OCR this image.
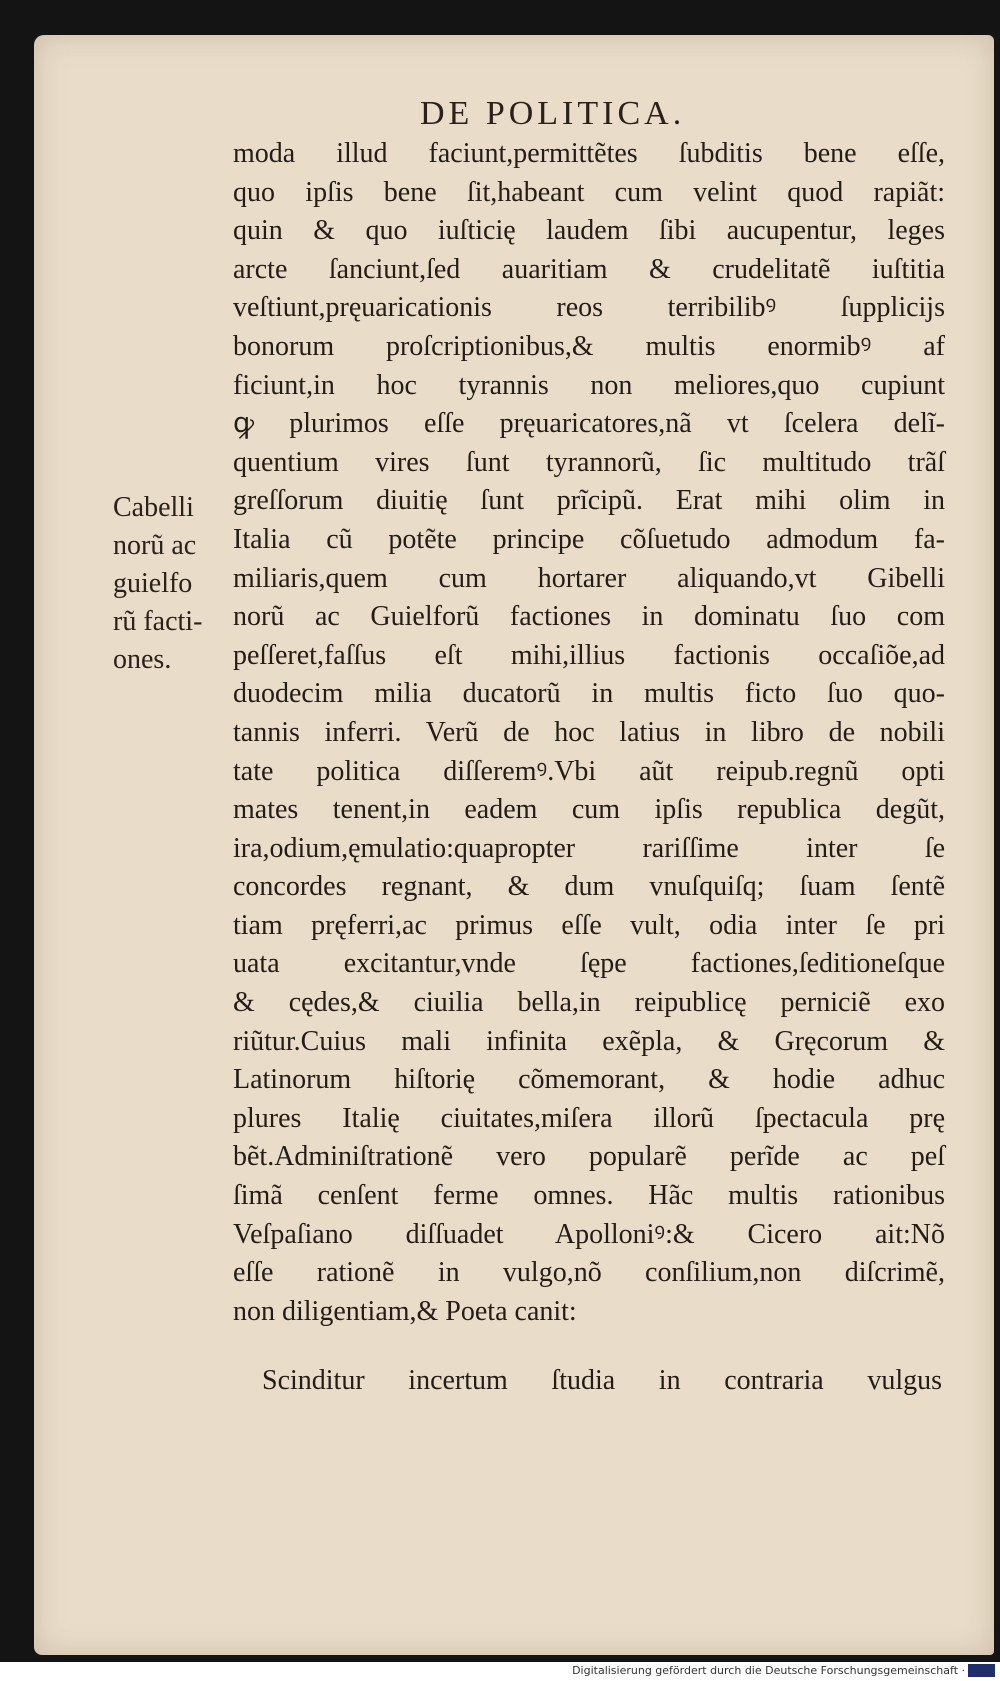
DE POLITICA.
Cabelli
norũ ac
guielfo
rũ facti-
ones.
moda illud faciunt,permittẽtes ſubditis bene eſſe,
quo ipſis bene ſit,habeant cum velint quod rapiãt:
quin & quo iuſticię laudem ſibi aucupentur, leges
arcte ſanciunt,ſed auaritiam & crudelitatẽ iuſtitia
veſtiunt,pręuaricationis reos terribilibꝰ ſupplicijs
bonorum proſcriptionibus,& multis enormibꝰ af
ficiunt,in hoc tyrannis non meliores,quo cupiunt
ꝙ plurimos eſſe pręuaricatores,nã vt ſcelera delĩ-
quentium vires ſunt tyrannorũ, ſic multitudo trãſ
greſſorum diuitię ſunt prĩcipũ. Erat mihi olim in
Italia cũ potẽte principe cõſuetudo admodum fa-
miliaris,quem cum hortarer aliquando,vt Gibelli
norũ ac Guielforũ factiones in dominatu ſuo com
peſſeret,faſſus eſt mihi,illius factionis occaſiõe,ad
duodecim milia ducatorũ in multis ficto ſuo quo-
tannis inferri. Verũ de hoc latius in libro de nobili
tate politica diſſeremꝰ.Vbi aũt reipub.regnũ opti
mates tenent,in eadem cum ipſis republica degũt,
ira,odium,ęmulatio:quapropter rariſſime inter ſe
concordes regnant, & dum vnuſquiſq; ſuam ſentẽ
tiam pręferri,ac primus eſſe vult, odia inter ſe pri
uata excitantur,vnde ſępe factiones,ſeditioneſque
& cędes,& ciuilia bella,in reipublicę perniciẽ exo
riũtur.Cuius mali infinita exẽpla, & Gręcorum &
Latinorum hiſtorię cõmemorant, & hodie adhuc
plures Italię ciuitates,miſera illorũ ſpectacula prę
bẽt.Adminiſtrationẽ vero popularẽ perĩde ac peſ
ſimã cenſent ferme omnes. Hãc multis rationibus
Veſpaſiano diſſuadet Apolloniꝰ:& Cicero ait:Nõ
eſſe rationẽ in vulgo,nõ conſilium,non diſcrimẽ,
non diligentiam,& Poeta canit:
Scinditur incertum ſtudia in contraria vulgus
Digitalisierung gefördert durch die Deutsche Forschungsgemeinschaft ·
